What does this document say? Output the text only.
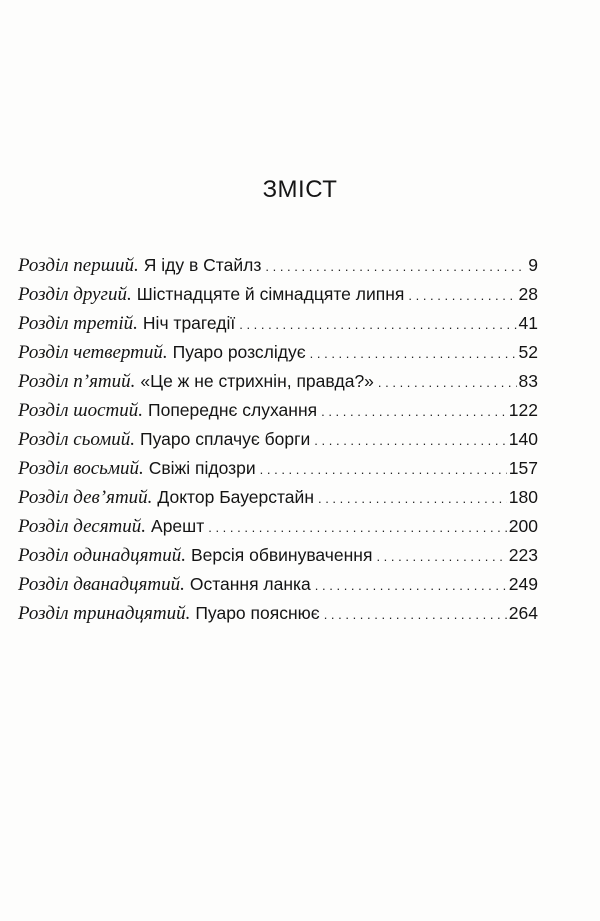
ЗМІСТ
Розділ перший. Я іду в Стайлз . . .	9
Розділ другий. Шістнадцяте й сімнадцяте липня . . .	28
Розділ третій. Ніч трагедії . . .	41
Розділ четвертий. Пуаро розслідує . . .	52
Розділ п’ятий. «Це ж не стрихнін, правда?» . . .	83
Розділ шостий. Попереднє слухання . . .	122
Розділ сьомий. Пуаро сплачує борги . . .	140
Розділ восьмий. Свіжі підозри . . .	157
Розділ дев’ятий. Доктор Бауерстайн . . .	180
Розділ десятий. Арешт . . .	200
Розділ одинадцятий. Версія обвинувачення . . .	223
Розділ дванадцятий. Остання ланка . . .	249
Розділ тринадцятий. Пуаро пояснює . . .	264
